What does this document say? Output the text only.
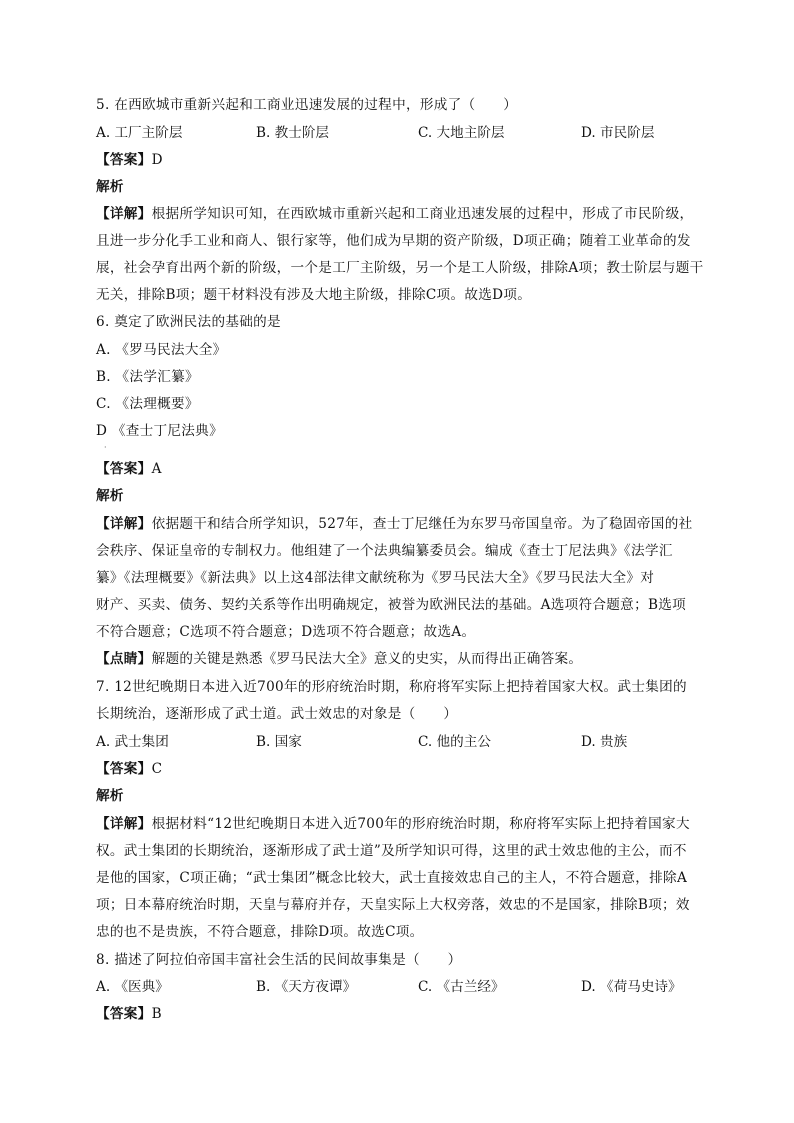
5. 在西欧城市重新兴起和工商业迅速发展的过程中，形成了（　　）
A. 工厂主阶层	B. 教士阶层	C. 大地主阶层	D. 市民阶层
【答案】D
解析
【详解】根据所学知识可知，在西欧城市重新兴起和工商业迅速发展的过程中，形成了市民阶级，
且进一步分化手工业和商人、银行家等，他们成为早期的资产阶级，D项正确；随着工业革命的发
展，社会孕育出两个新的阶级，一个是工厂主阶级，另一个是工人阶级，排除A项；教士阶层与题干
无关，排除B项；题干材料没有涉及大地主阶级，排除C项。故选D项。
6. 奠定了欧洲民法的基础的是
A. 《罗马民法大全》
B. 《法学汇纂》
C. 《法理概要》
D 《查士丁尼法典》
·
【答案】A
解析
【详解】依据题干和结合所学知识，527年，查士丁尼继任为东罗马帝国皇帝。为了稳固帝国的社
会秩序、保证皇帝的专制权力。他组建了一个法典编纂委员会。编成《查士丁尼法典》《法学汇
纂》《法理概要》《新法典》以上这4部法律文献统称为《罗马民法大全》《罗马民法大全》对
财产、买卖、债务、契约关系等作出明确规定，被誉为欧洲民法的基础。A选项符合题意；B选项
不符合题意；C选项不符合题意；D选项不符合题意；故选A。
【点睛】解题的关键是熟悉《罗马民法大全》意义的史实，从而得出正确答案。
7. 12世纪晚期日本进入近700年的形府统治时期，称府将军实际上把持着国家大权。武士集团的
长期统治，逐渐形成了武士道。武士效忠的对象是（　　）
A. 武士集团	B. 国家	C. 他的主公	D. 贵族
【答案】C
解析
【详解】根据材料“12世纪晚期日本进入近700年的形府统治时期，称府将军实际上把持着国家大
权。武士集团的长期统治，逐渐形成了武士道”及所学知识可得，这里的武士效忠他的主公，而不
是他的国家，C项正确；“武士集团”概念比较大，武士直接效忠自己的主人，不符合题意，排除A
项；日本幕府统治时期，天皇与幕府并存，天皇实际上大权旁落，效忠的不是国家，排除B项；效
忠的也不是贵族，不符合题意，排除D项。故选C项。
8. 描述了阿拉伯帝国丰富社会生活的民间故事集是（　　）
A. 《医典》	B. 《天方夜谭》	C. 《古兰经》	D. 《荷马史诗》
【答案】B
